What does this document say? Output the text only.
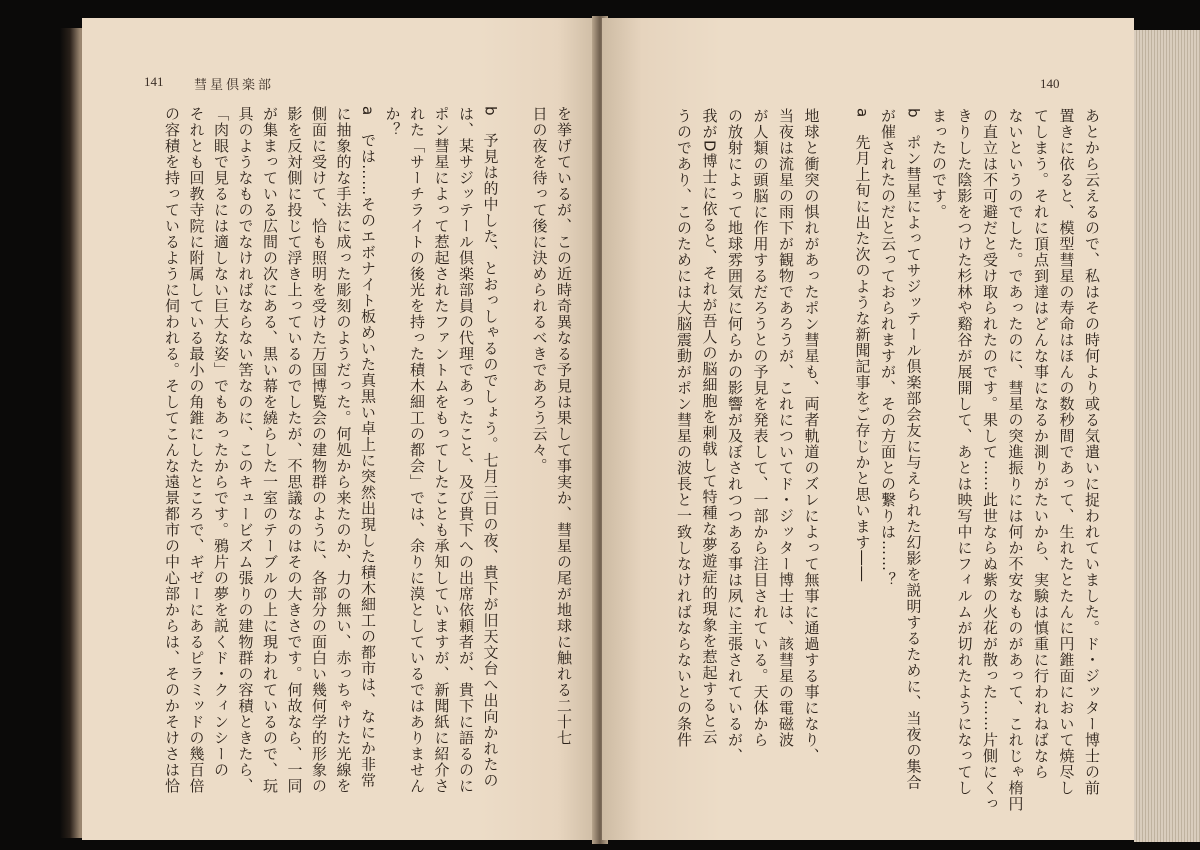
141 彗星倶楽部

を挙げているが、この近時奇異なる予見は果して事実か、彗星の尾が地球に触れる二十七

日の夜を待って後に決められるべきであろう云々。

b　予見は的中した、とおっしゃるのでしょう。七月三日の夜、貴下が旧天文台へ出向かれたの

は、某サジッテール倶楽部員の代理であったこと、及び貴下への出席依頼者が、貴下に語るのに

ポン彗星によって惹起されたファントムをもってしたことも承知していますが、新聞紙に紹介さ

れた「サーチライトの後光を持った積木細工の都会」では、余りに漠としているではありません

か？

a　では……そのエボナイト板めいた真黒い卓上に突然出現した積木細工の都市は、なにか非常

に抽象的な手法に成った彫刻のようだった。何処から来たのか、力の無い、赤っちゃけた光線を

側面に受けて、恰も照明を受けた万国博覧会の建物群のように、各部分の面白い幾何学的形象の

影を反対側に投じて浮き上っているのでしたが、不思議なのはその大きさです。何故なら、一同

が集まっている広間の次にある、黒い幕を繞らした一室のテーブルの上に現われているので、玩

具のようなものでなければならない筈なのに、このキュービズム張りの建物群の容積ときたら、

「肉眼で見るには適しない巨大な姿」でもあったからです。鴉片の夢を説くド・クィンシーの

それとも回教寺院に附属している最小の角錐にしたところで、ギゼーにあるピラミッドの幾百倍

の容積を持っているように伺われる。そしてこんな遠景都市の中心部からは、そのかそけさは恰

140

あとから云えるので、私はその時何より或る気遣いに捉われていました。ド・ジッター博士の前

置きに依ると、模型彗星の寿命はほんの数秒間であって、生れたとたんに円錐面において焼尽し

てしまう。それに頂点到達はどんな事になるか測りがたいから、実験は慎重に行われねばなら

ないというのでした。であったのに、彗星の突進振りには何か不安なものがあって、これじゃ楕円

の直立は不可避だと受け取られたのです。果して……此世ならぬ紫の火花が散った……片側にくっ

きりした陰影をつけた杉林や谿谷が展開して、あとは映写中にフィルムが切れたようになってし

まったのです。

b　ポン彗星によってサジッテール倶楽部会友に与えられた幻影を説明するために、当夜の集合

が催されたのだと云っておられますが、その方面との繋りは……？

a　先月上旬に出た次のような新聞記事をご存じかと思います――

地球と衝突の惧れがあったポン彗星も、両者軌道のズレによって無事に通過する事になり、

当夜は流星の雨下が観物であろうが、これについてド・ジッター博士は、該彗星の電磁波

が人類の頭脳に作用するだろうとの予見を発表して、一部から注目されている。天体から

の放射によって地球雰囲気に何らかの影響が及ぼされつつある事は夙に主張されているが、

我がD博士に依ると、それが吾人の脳細胞を刺戟して特種な夢遊症的現象を惹起すると云

うのであり、このためには大脳震動がポン彗星の波長と一致しなければならないとの条件
